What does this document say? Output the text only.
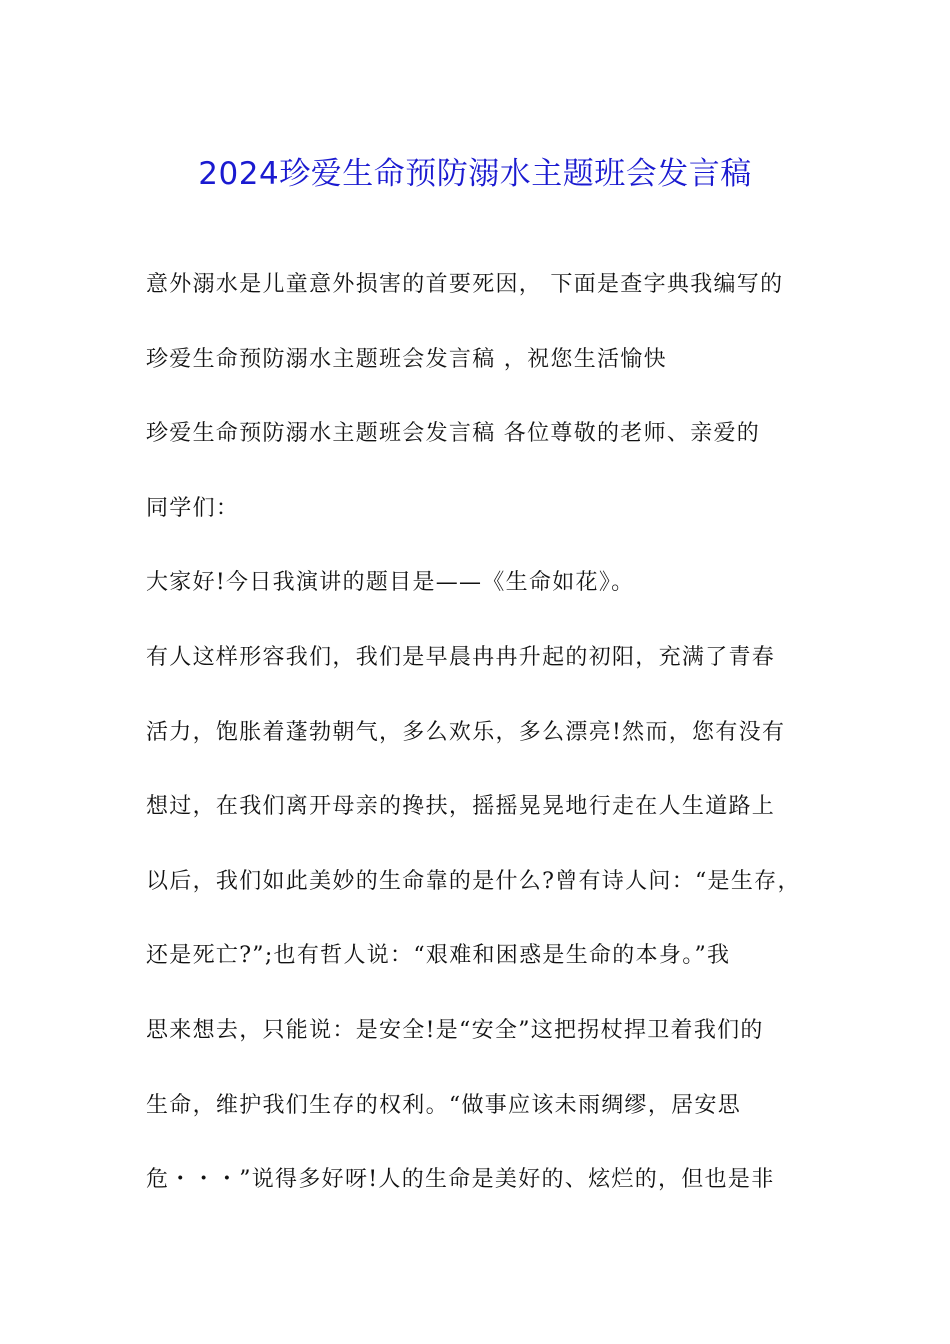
2024珍爱生命预防溺水主题班会发言稿
意外溺水是儿童意外损害的首要死因， 下面是查字典我编写的
珍爱生命预防溺水主题班会发言稿 ，祝您生活愉快
珍爱生命预防溺水主题班会发言稿 各位尊敬的老师、亲爱的
同学们：
大家好!今日我演讲的题目是——《生命如花》。
有人这样形容我们，我们是早晨冉冉升起的初阳，充满了青春
活力，饱胀着蓬勃朝气，多么欢乐，多么漂亮!然而，您有没有
想过，在我们离开母亲的搀扶，摇摇晃晃地行走在人生道路上
以后，我们如此美妙的生命靠的是什么?曾有诗人问：“是生存，
还是死亡?”;也有哲人说：“艰难和困惑是生命的本身。”我
思来想去，只能说：是安全!是“安全”这把拐杖捍卫着我们的
生命，维护我们生存的权利。“做事应该未雨绸缪，居安思
危・・・”说得多好呀!人的生命是美好的、炫烂的，但也是非
